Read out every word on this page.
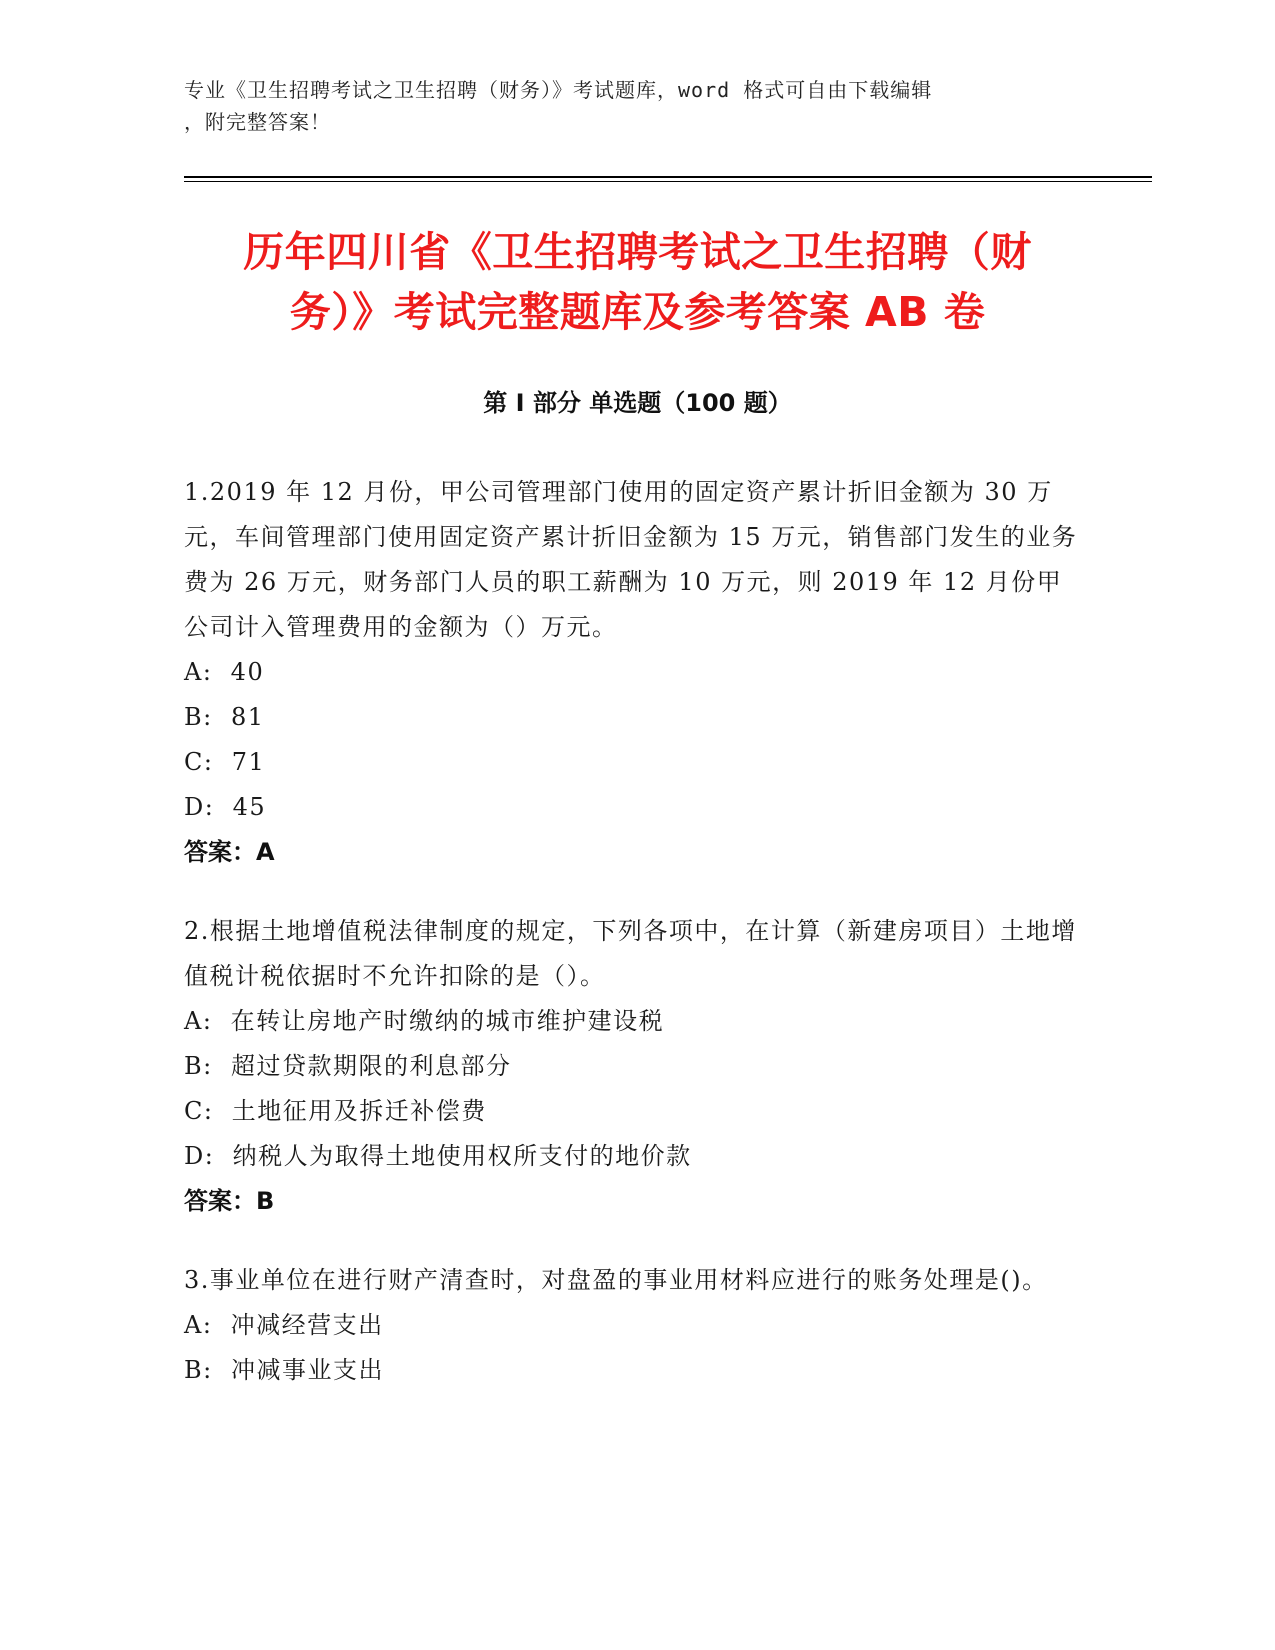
专业《卫生招聘考试之卫生招聘（财务）》考试题库，word 格式可自由下载编辑
，附完整答案！
历年四川省《卫生招聘考试之卫生招聘（财
务）》考试完整题库及参考答案 AB 卷
第 I 部分 单选题（100 题）

1.2019 年 12 月份，甲公司管理部门使用的固定资产累计折旧金额为 30 万元，车间管理部门使用固定资产累计折旧金额为 15 万元，销售部门发生的业务费为 26 万元，财务部门人员的职工薪酬为 10 万元，则 2019 年 12 月份甲公司计入管理费用的金额为（）万元。

A:  40

B:  81

C:  71

D:  45

答案：A

2.根据土地增值税法律制度的规定，下列各项中，在计算（新建房项目）土地增值税计税依据时不允许扣除的是（）。

A:  在转让房地产时缴纳的城市维护建设税

B:  超过贷款期限的利息部分

C:  土地征用及拆迁补偿费

D:  纳税人为取得土地使用权所支付的地价款

答案：B

3.事业单位在进行财产清查时，对盘盈的事业用材料应进行的账务处理是()。

A:  冲减经营支出

B:  冲减事业支出
